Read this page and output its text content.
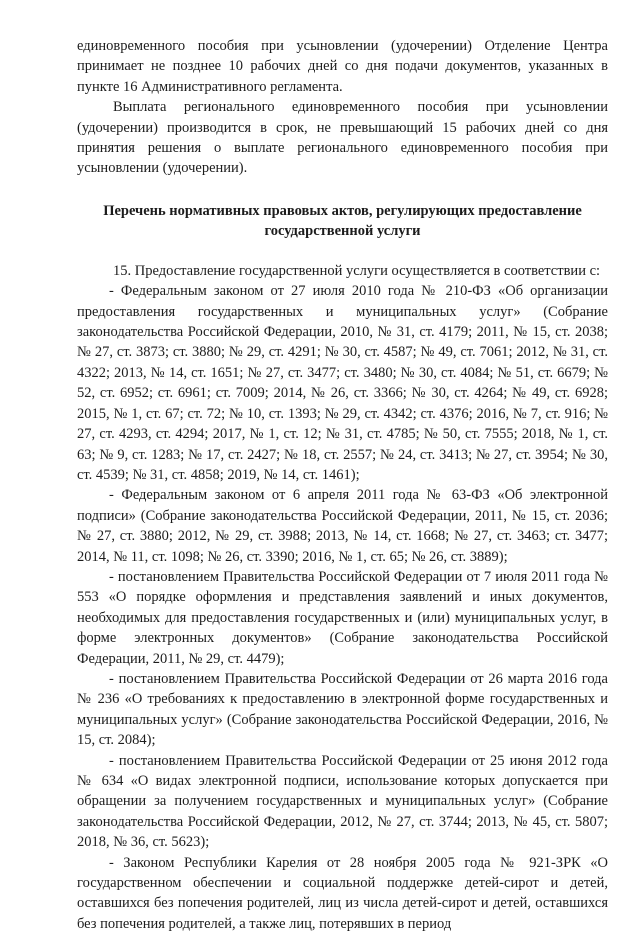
единовременного пособия при усыновлении (удочерении) Отделение Центра принимает не позднее 10 рабочих дней со дня подачи документов, указанных в пункте 16 Административного регламента.

Выплата регионального единовременного пособия при усыновлении (удочерении) производится в срок, не превышающий 15 рабочих дней со дня принятия решения о выплате регионального единовременного пособия при усыновлении (удочерении).

Перечень нормативных правовых актов, регулирующих предоставление государственной услуги

15. Предоставление государственной услуги осуществляется в соответствии с:

- Федеральным законом от 27 июля 2010 года № 210-ФЗ «Об организации предоставления государственных и муниципальных услуг» (Собрание законодательства Российской Федерации, 2010, № 31, ст. 4179; 2011, № 15, ст. 2038; № 27, ст. 3873; ст. 3880; № 29, ст. 4291; № 30, ст. 4587; № 49, ст. 7061; 2012, № 31, ст. 4322; 2013, № 14, ст. 1651; № 27, ст. 3477; ст. 3480; № 30, ст. 4084; № 51, ст. 6679; № 52, ст. 6952; ст. 6961; ст. 7009; 2014, № 26, ст. 3366; № 30, ст. 4264; № 49, ст. 6928; 2015, № 1, ст. 67; ст. 72; № 10, ст. 1393; № 29, ст. 4342; ст. 4376; 2016, № 7, ст. 916; № 27, ст. 4293, ст. 4294; 2017, № 1, ст. 12; № 31, ст. 4785; № 50, ст. 7555; 2018, № 1, ст. 63; № 9, ст. 1283; № 17, ст. 2427; № 18, ст. 2557; № 24, ст. 3413; № 27, ст. 3954; № 30, ст. 4539; № 31, ст. 4858; 2019, № 14, ст. 1461);

- Федеральным законом от 6 апреля 2011 года № 63-ФЗ «Об электронной подписи» (Собрание законодательства Российской Федерации, 2011, № 15, ст. 2036; № 27, ст. 3880; 2012, № 29, ст. 3988; 2013, № 14, ст. 1668; № 27, ст. 3463; ст. 3477; 2014, № 11, ст. 1098; № 26, ст. 3390; 2016, № 1, ст. 65; № 26, ст. 3889);

- постановлением Правительства Российской Федерации от 7 июля 2011 года № 553 «О порядке оформления и представления заявлений и иных документов, необходимых для предоставления государственных и (или) муниципальных услуг, в форме электронных документов» (Собрание законодательства Российской Федерации, 2011, № 29, ст. 4479);

- постановлением Правительства Российской Федерации от 26 марта 2016 года № 236 «О требованиях к предоставлению в электронной форме государственных и муниципальных услуг» (Собрание законодательства Российской Федерации, 2016, № 15, ст. 2084);

- постановлением Правительства Российской Федерации от 25 июня 2012 года № 634 «О видах электронной подписи, использование которых допускается при обращении за получением государственных и муниципальных услуг» (Собрание законодательства Российской Федерации, 2012, № 27, ст. 3744; 2013, № 45, ст. 5807; 2018, № 36, ст. 5623);

- Законом Республики Карелия от 28 ноября 2005 года № 921-ЗРК «О государственном обеспечении и социальной поддержке детей-сирот и детей, оставшихся без попечения родителей, лиц из числа детей-сирот и детей, оставшихся без попечения родителей, а также лиц, потерявших в период
